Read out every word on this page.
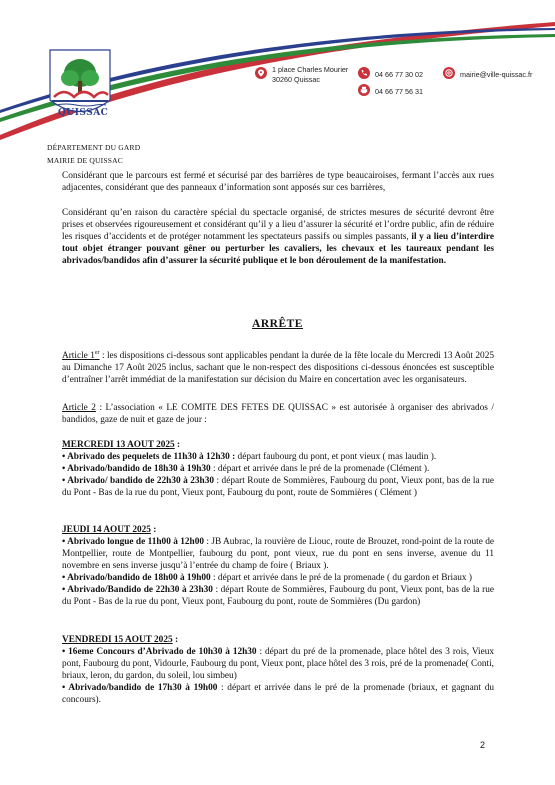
QUISSAC
1 place Charles Mourier
30260 Quissac
04 66 77 30 02
04 66 77 56 31
mairie@ville-quissac.fr
DÉPARTEMENT DU GARD
MAIRIE DE QUISSAC
Considérant que le parcours est fermé et sécurisé par des barrières de type beaucairoises, fermant l’accès aux rues adjacentes, considérant que des panneaux d’information sont apposés sur ces barrières,
Considérant qu’en raison du caractère spécial du spectacle organisé, de strictes mesures de sécurité devront être prises et observées rigoureusement et considérant qu’il y a lieu d’assurer la sécurité et l’ordre public, afin de réduire les risques d’accidents et de protéger notamment les spectateurs passifs ou simples passants, il y a lieu d’interdire tout objet étranger pouvant gêner ou perturber les cavaliers, les chevaux et les taureaux pendant les abrivados/bandidos afin d’assurer la sécurité publique et le bon déroulement de la manifestation.
ARRÊTE
Article 1er : les dispositions ci-dessous sont applicables pendant la durée de la fête locale du Mercredi 13 Août 2025 au Dimanche 17 Août 2025 inclus, sachant que le non-respect des dispositions ci-dessous énoncées est susceptible d’entraîner l’arrêt immédiat de la manifestation sur décision du Maire en concertation avec les organisateurs.
Article 2 : L’association « LE COMITE DES FETES DE QUISSAC » est autorisée à organiser des abrivados / bandidos, gaze de nuit et gaze de jour :
MERCREDI 13 AOUT 2025 :
• Abrivado des pequelets de 11h30 à 12h30 : départ faubourg du pont, et pont vieux ( mas laudin ).
• Abrivado/bandido de 18h30 à 19h30 : départ et arrivée dans le pré de la promenade (Clément ).
• Abrivado/ bandido de 22h30 à 23h30 : départ Route de Sommières, Faubourg du pont, Vieux pont, bas de la rue du Pont - Bas de la rue du pont, Vieux pont, Faubourg du pont, route de Sommières ( Clément )
JEUDI 14 AOUT 2025 :
• Abrivado longue de 11h00 à 12h00 : JB Aubrac, la rouvière de Liouc, route de Brouzet, rond-point de la route de Montpellier, route de Montpellier, faubourg du pont, pont vieux, rue du pont en sens inverse, avenue du 11 novembre en sens inverse jusqu’à l’entrée du champ de foire ( Briaux ).
• Abrivado/bandido de 18h00 à 19h00 : départ et arrivée dans le pré de la promenade ( du gardon et Briaux )
• Abrivado/Bandido de 22h30 à 23h30 : départ Route de Sommières, Faubourg du pont, Vieux pont, bas de la rue du Pont - Bas de la rue du pont, Vieux pont, Faubourg du pont, route de Sommières (Du gardon)
VENDREDI 15 AOUT 2025 :
• 16eme Concours d’Abrivado de 10h30 à 12h30 : départ du pré de la promenade, place hôtel des 3 rois, Vieux pont, Faubourg du pont, Vidourle, Faubourg du pont, Vieux pont, place hôtel des 3 rois, pré de la promenade( Conti, briaux, leron, du gardon, du soleil, lou simbeu)
• Abrivado/bandido de 17h30 à 19h00 : départ et arrivée dans le pré de la promenade (briaux, et gagnant du concours).
2
